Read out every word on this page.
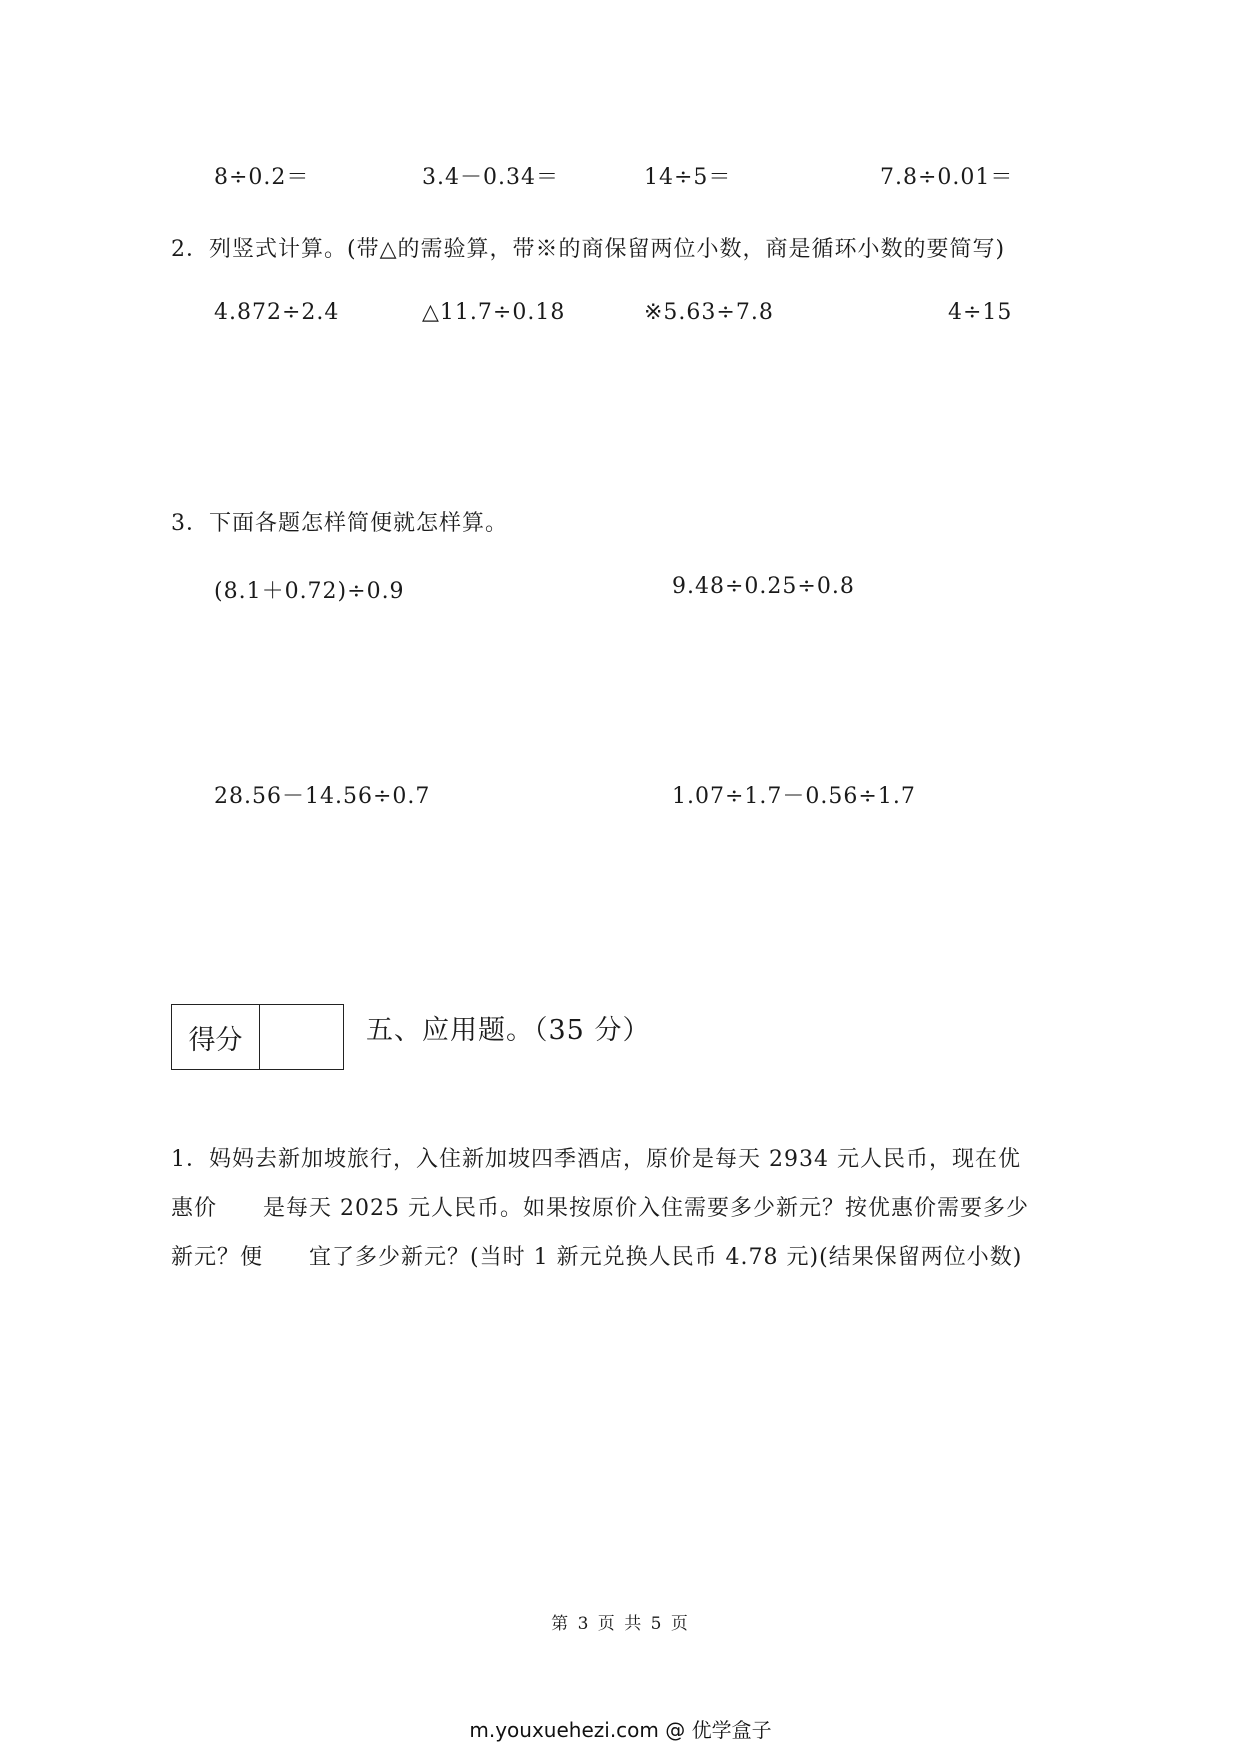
8÷0.2＝	3.4－0.34＝	14÷5＝	7.8÷0.01＝
2．列竖式计算。(带△的需验算，带※的商保留两位小数，商是循环小数的要简写)
4.872÷2.4	△11.7÷0.18	※5.63÷7.8	4÷15
3．下面各题怎样简便就怎样算。
(8.1＋0.72)÷0.9	9.48÷0.25÷0.8
28.56－14.56÷0.7	1.07÷1.7－0.56÷1.7
得分	五、应用题。（35 分）
1．妈妈去新加坡旅行，入住新加坡四季酒店，原价是每天 2934 元人民币，现在优
惠价　　是每天 2025 元人民币。如果按原价入住需要多少新元？按优惠价需要多少
新元？便　　宜了多少新元？(当时 1 新元兑换人民币 4.78 元)(结果保留两位小数)
第 3 页 共 5 页
m.youxuehezi.com @ 优学盒子
